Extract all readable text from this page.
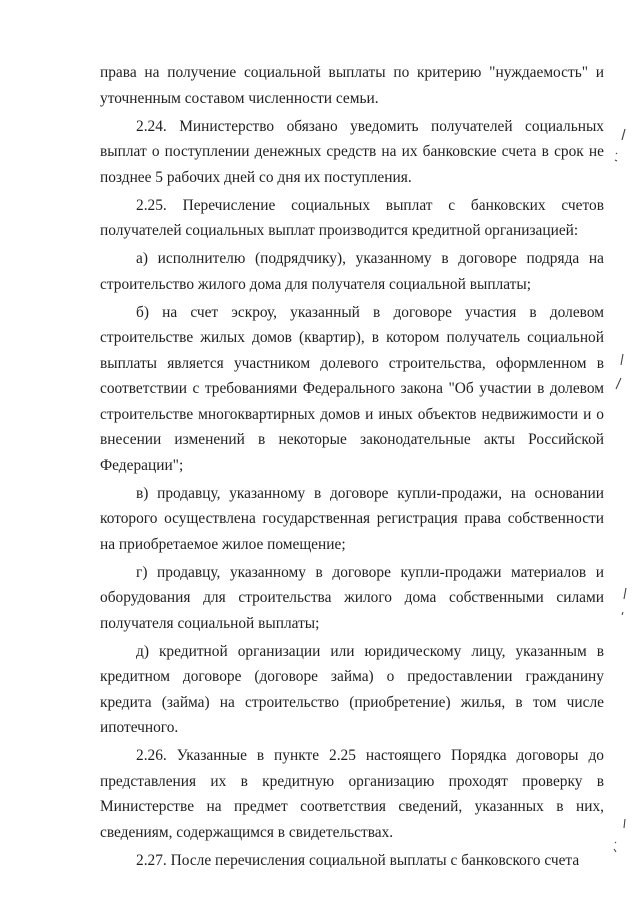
права на получение социальной выплаты по критерию "нуждаемость" и уточненным составом численности семьи.

2.24. Министерство обязано уведомить получателей социальных выплат о поступлении денежных средств на их банковские счета в срок не позднее 5 рабочих дней со дня их поступления.

2.25. Перечисление социальных выплат с банковских счетов получателей социальных выплат производится кредитной организацией:

а) исполнителю (подрядчику), указанному в договоре подряда на строительство жилого дома для получателя социальной выплаты;

б) на счет эскроу, указанный в договоре участия в долевом строительстве жилых домов (квартир), в котором получатель социальной выплаты является участником долевого строительства, оформленном в соответствии с требованиями Федерального закона "Об участии в долевом строительстве многоквартирных домов и иных объектов недвижимости и о внесении изменений в некоторые законодательные акты Российской Федерации";

в) продавцу, указанному в договоре купли-продажи, на основании которого осуществлена государственная регистрация права собственности на приобретаемое жилое помещение;

г) продавцу, указанному в договоре купли-продажи материалов и оборудования для строительства жилого дома собственными силами получателя социальной выплаты;

д) кредитной организации или юридическому лицу, указанным в кредитном договоре (договоре займа) о предоставлении гражданину кредита (займа) на строительство (приобретение) жилья, в том числе ипотечного.

2.26. Указанные в пункте 2.25 настоящего Порядка договоры до представления их в кредитную организацию проходят проверку в Министерстве на предмет соответствия сведений, указанных в них, сведениям, содержащимся в свидетельствах.

2.27. После перечисления социальной выплаты с банковского счета
